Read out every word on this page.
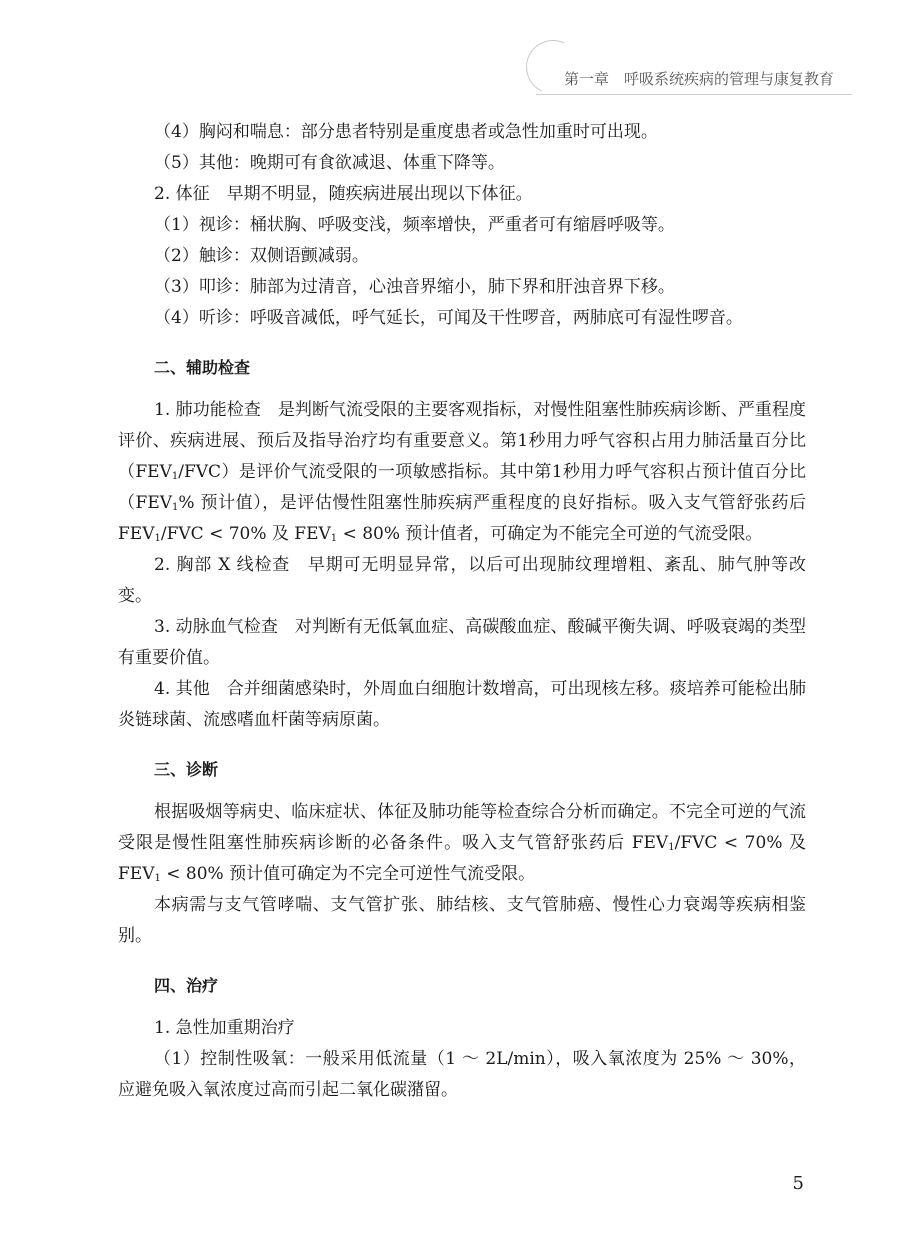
第一章　呼吸系统疾病的管理与康复教育

（4）胸闷和喘息：部分患者特别是重度患者或急性加重时可出现。

（5）其他：晚期可有食欲减退、体重下降等。

2. 体征　早期不明显，随疾病进展出现以下体征。

（1）视诊：桶状胸、呼吸变浅，频率增快，严重者可有缩唇呼吸等。

（2）触诊：双侧语颤减弱。

（3）叩诊：肺部为过清音，心浊音界缩小，肺下界和肝浊音界下移。

（4）听诊：呼吸音减低，呼气延长，可闻及干性啰音，两肺底可有湿性啰音。

二、辅助检查

1. 肺功能检查　是判断气流受限的主要客观指标，对慢性阻塞性肺疾病诊断、严重程度评价、疾病进展、预后及指导治疗均有重要意义。第1秒用力呼气容积占用力肺活量百分比$(FEV_1/FVC)$是评价气流受限的一项敏感指标。其中第1秒用力呼气容积占预计值百分比（$FEV_1\%$ 预计值），是评估慢性阻塞性肺疾病严重程度的良好指标。吸入支气管舒张药后 $FEV_1$/FVC < 70% 及 $FEV_1 < 80\%$ 预计值者，可确定为不能完全可逆的气流受限。

2. 胸部 X 线检查　早期可无明显异常，以后可出现肺纹理增粗、紊乱、肺气肿等改变。

3. 动脉血气检查　对判断有无低氧血症、高碳酸血症、酸碱平衡失调、呼吸衰竭的类型有重要价值。

4. 其他　合并细菌感染时，外周血白细胞计数增高，可出现核左移。痰培养可能检出肺炎链球菌、流感嗜血杆菌等病原菌。

三、诊断

根据吸烟等病史、临床症状、体征及肺功能等检查综合分析而确定。不完全可逆的气流受限是慢性阻塞性肺疾病诊断的必备条件。吸入支气管舒张药后 $FEV_1$/FVC < 70% 及 $FEV_1 < 80\%$ 预计值可确定为不完全可逆性气流受限。

本病需与支气管哮喘、支气管扩张、肺结核、支气管肺癌、慢性心力衰竭等疾病相鉴别。

四、治疗

1. 急性加重期治疗

（1）控制性吸氧：一般采用低流量（1 ～ 2L/min），吸入氧浓度为 25% ～ 30%，应避免吸入氧浓度过高而引起二氧化碳潴留。

5
